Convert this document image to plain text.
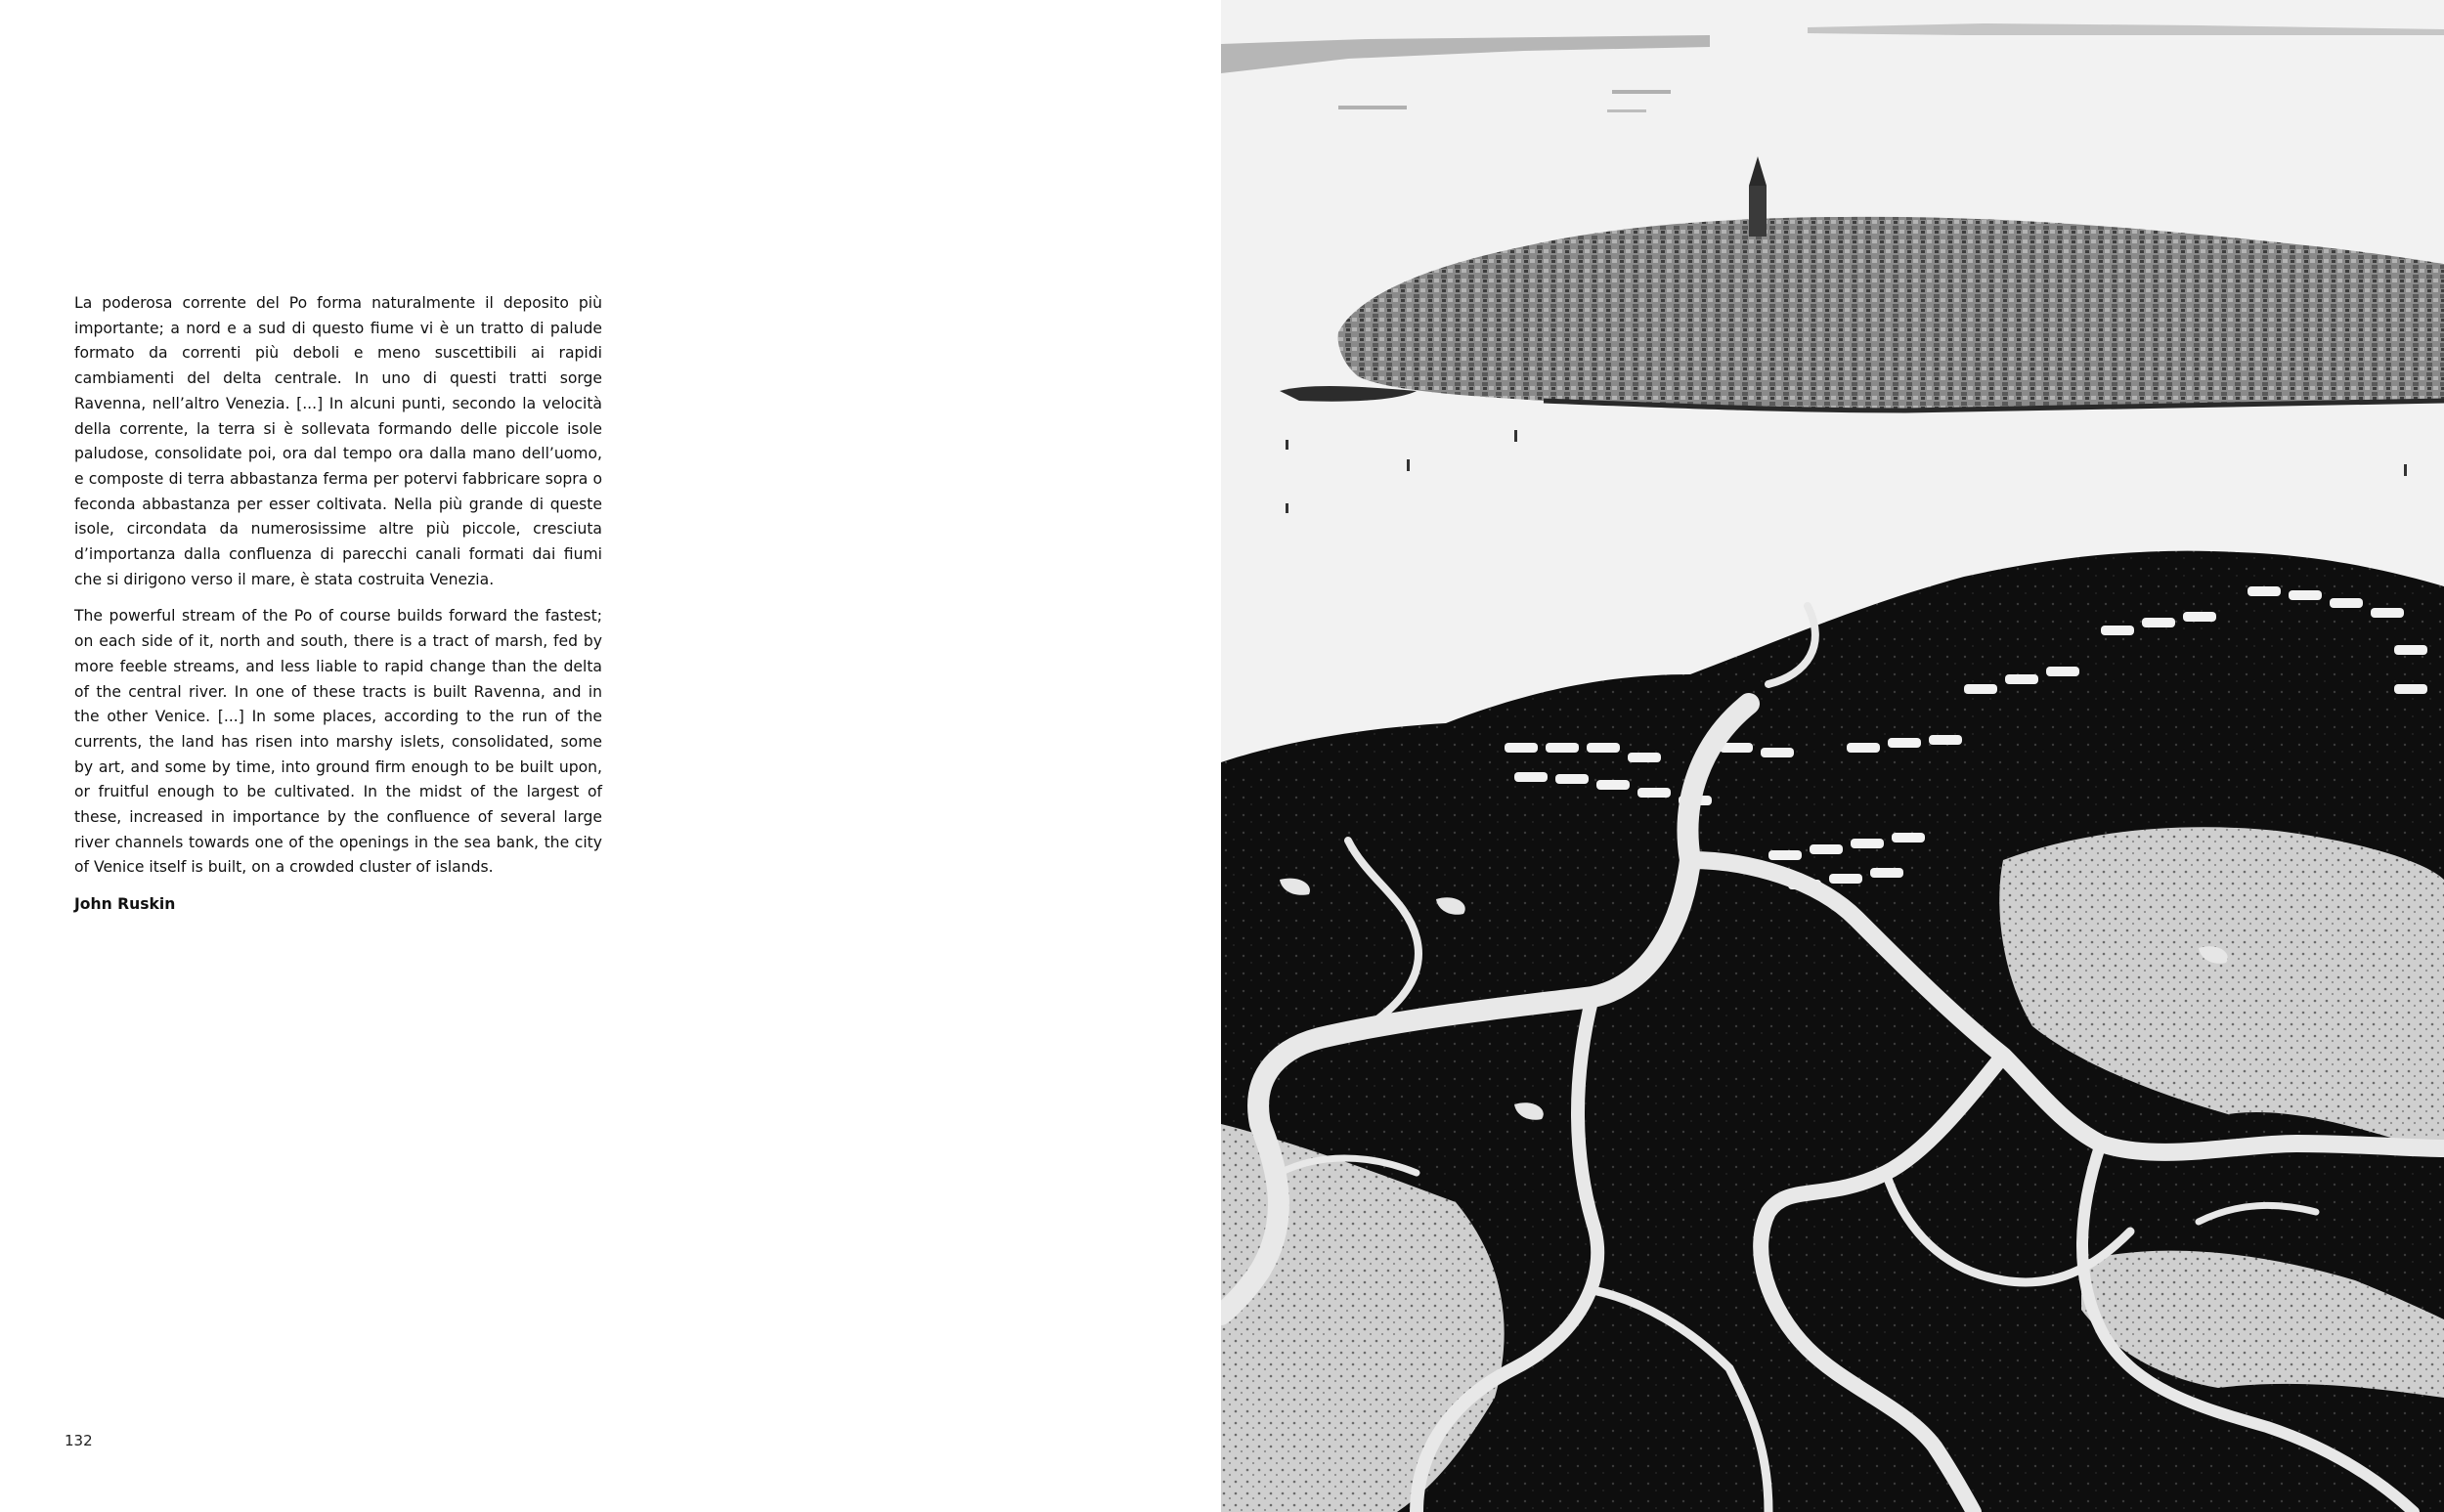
La poderosa corrente del Po forma naturalmente il deposito più importante; a nord e a sud di questo fiume vi è un tratto di palude formato da correnti più deboli e meno suscettibili ai rapidi cambiamenti del delta centrale. In uno di questi tratti sorge Ravenna, nell’altro Venezia. [...] In alcuni punti, secondo la velocità della corrente, la terra si è sollevata formando delle piccole isole paludose, consolidate poi, ora dal tempo ora dalla mano dell’uomo, e composte di terra abbastanza ferma per potervi fabbricare sopra o feconda abbastanza per esser coltivata. Nella più grande di queste isole, circondata da numerosissime altre più piccole, cresciuta d’importanza dalla confluenza di parecchi canali formati dai fiumi che si dirigono verso il mare, è stata costruita Venezia.

The powerful stream of the Po of course builds forward the fastest; on each side of it, north and south, there is a tract of marsh, fed by more feeble streams, and less liable to rapid change than the delta of the central river. In one of these tracts is built Ravenna, and in the other Venice. [...] In some places, according to the run of the currents, the land has risen into marshy islets, consolidated, some by art, and some by time, into ground firm enough to be built upon, or fruitful enough to be cultivated. In the midst of the largest of these, increased in importance by the confluence of several large river channels towards one of the openings in the sea bank, the city of Venice itself is built, on a crowded cluster of islands.

John Ruskin

132
